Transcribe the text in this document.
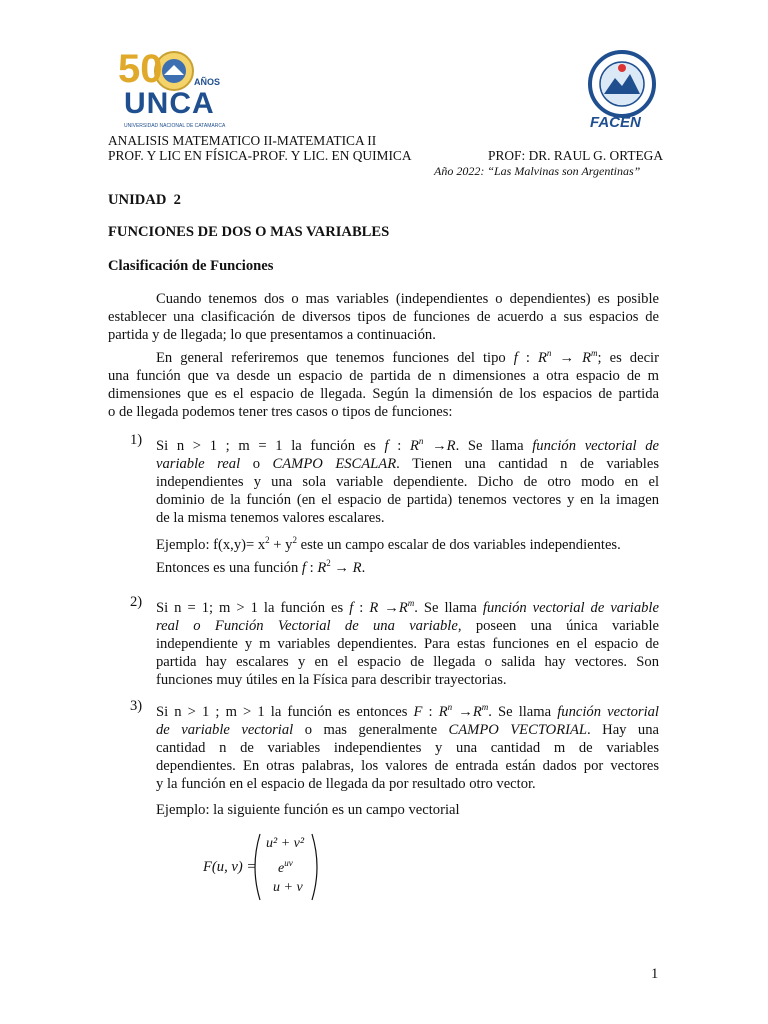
50	AÑOS
UNCA
UNIVERSIDAD NACIONAL DE CATAMARCA	FACEN
ANALISIS MATEMATICO II-MATEMATICA II
PROF. Y LIC EN FÍSICA-PROF. Y LIC. EN QUIMICA	PROF: DR. RAUL G. ORTEGA
Año 2022: “Las Malvinas son Argentinas”
UNIDAD  2
FUNCIONES DE DOS O MAS VARIABLES
Clasificación de Funciones
Cuando tenemos dos o mas variables (independientes o dependientes) es posible
establecer una clasificación de diversos tipos de funciones de acuerdo a sus espacios de
partida y de llegada; lo que presentamos a continuación.
En general referiremos que tenemos funciones del tipo f : $R^n \to R^m$; es decir
una función que va desde un espacio de partida de n dimensiones a otra espacio de m
dimensiones que es el espacio de llegada. Según la dimensión de los espacios de partida
o de llegada podemos tener tres casos o tipos de funciones:
1) Si n > 1 ; m = 1 la función es f : $R^n \to R$. Se llama función vectorial de
variable real o CAMPO ESCALAR. Tienen una cantidad n de variables
independientes y una sola variable dependiente. Dicho de otro modo en el
dominio de la función (en el espacio de partida) tenemos vectores y en la imagen
de la misma tenemos valores escalares.
Ejemplo: $f(x,y)= x^2 + y^2$ este un campo escalar de dos variables independientes.
Entonces es una función f : $R^2 \to R$.
2) Si n = 1; m > 1 la función es f : $R \to R^m$. Se llama función vectorial de variable
real o Función Vectorial de una variable, poseen una única variable
independiente y m variables dependientes. Para estas funciones en el espacio de
partida hay escalares y en el espacio de llegada o salida hay vectores. Son
funciones muy útiles en la Física para describir trayectorias.
3) Si n > 1 ; m > 1 la función es entonces F : $R^n \to R^m$. Se llama función vectorial
de variable vectorial o mas generalmente CAMPO VECTORIAL. Hay una
cantidad n de variables independientes y una cantidad m de variables
dependientes. En otras palabras, los valores de entrada están dados por vectores
y la función en el espacio de llegada da por resultado otro vector.
Ejemplo: la siguiente función es un campo vectorial
F(u, v) =
u² + v²
$e^{uv}$
u + v
1
